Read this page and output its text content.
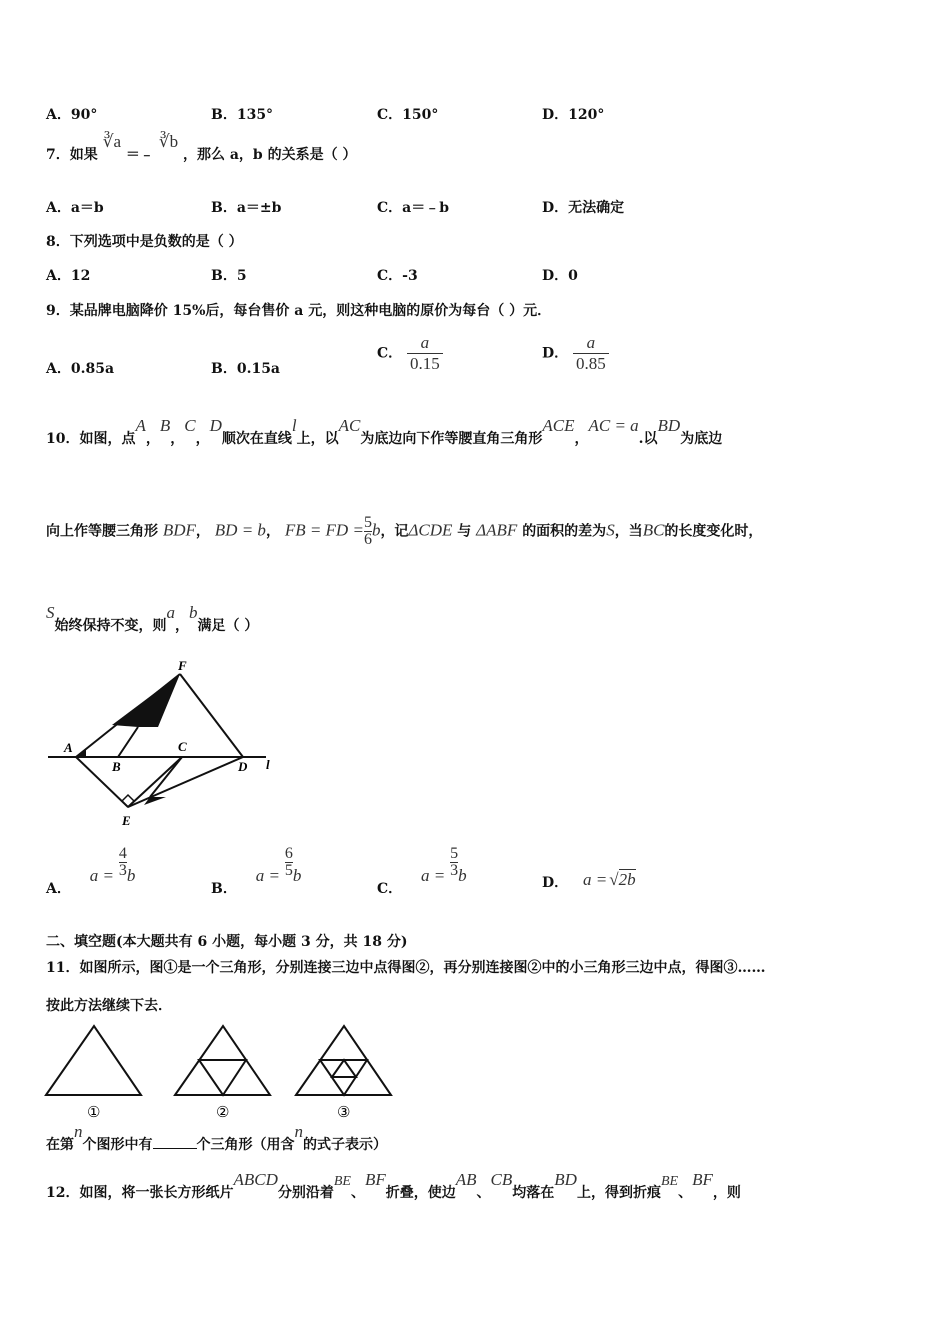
A．90°	B．135°	C．150°	D．120°
7．如果 ∛a ＝﹣ ∛b ，那么 a，b 的关系是（ ）
A．a＝b	B．a＝±b	C．a＝﹣b	D．无法确定
8．下列选项中是负数的是（ ）
A．12	B．5	C．-3	D．0
9．某品牌电脑降价 15%后，每台售价 a 元，则这种电脑的原价为每台（ ）元．
A．0.85a	B．0.15a
C． $\frac{a}{0.15}$	D． $\frac{a}{0.85}$
10．如图，点A，B，C，D顺次在直线l上，以AC为底边向下作等腰直角三角形ACE，AC = a.以BD为底边
向上作等腰三角形 BDF， BD = b， FB = FD = $\frac{5}{6}$ b，记ΔCDE 与 ΔABF 的面积的差为S，当BC的长度变化时，
S始终保持不变，则a，b满足（ ）
F
A
B
C
D l
E
A． $a = \frac{4}{3}$ b
B． $a = \frac{6}{5}$ b
C． $a = \frac{5}{3}$ b	D． a = √2b
二、填空题(本大题共有 6 小题，每小题 3 分，共 18 分)
11．如图所示，图①是一个三角形，分别连接三边中点得图②，再分别连接图②中的小三角形三边中点，得图③……
按此方法继续下去．
①	②	③
在第n个图形中有	个三角形（用含n的式子表示）
12．如图，将一张长方形纸片ABCD分别沿着BE、BF折叠，使边AB、CB均落在BD上，得到折痕BE、BF，则
